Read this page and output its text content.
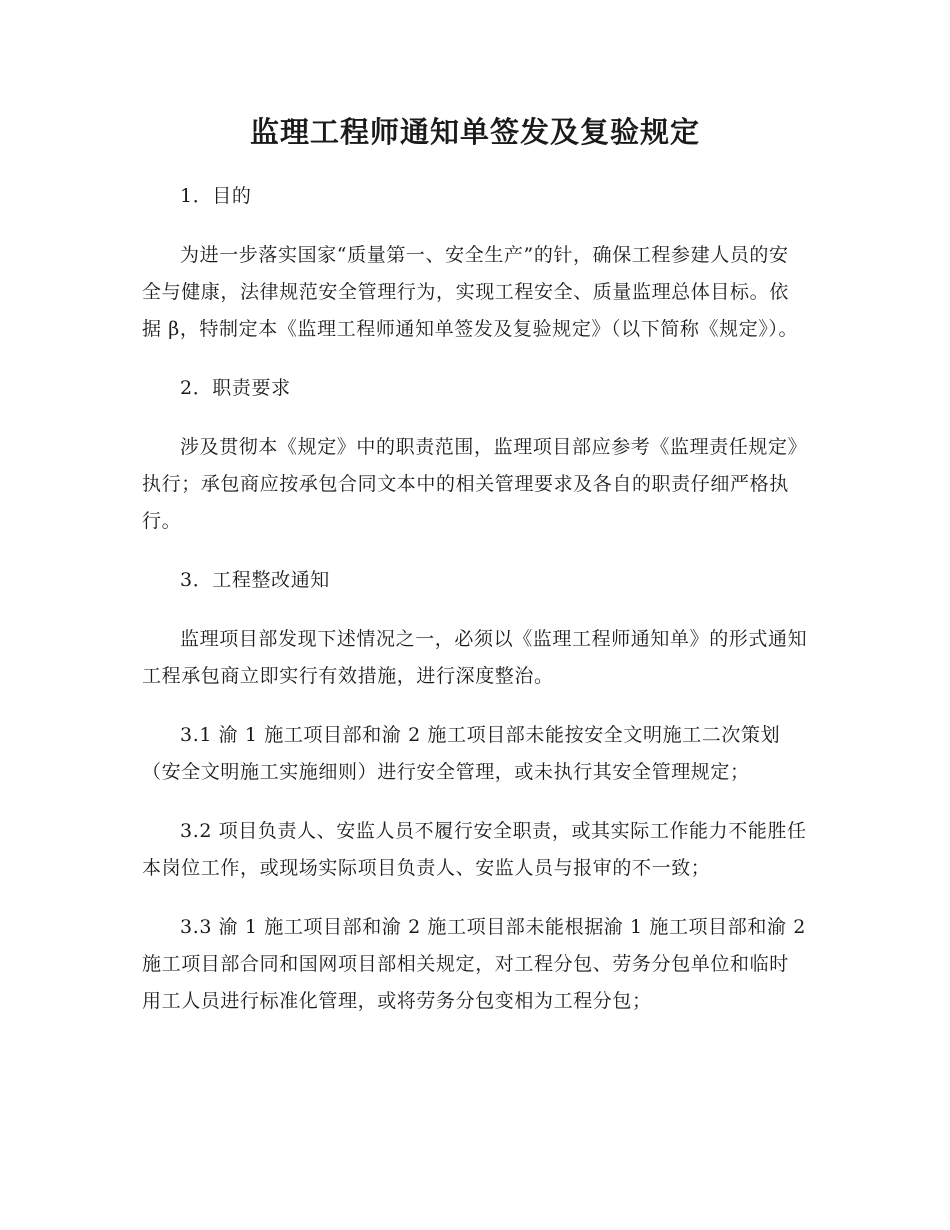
监理工程师通知单签发及复验规定

1．目的

为进一步落实国家“质量第一、安全生产”的针，确保工程参建人员的安全与健康，法律规范安全管理行为，实现工程安全、质量监理总体目标。依据 β，特制定本《监理工程师通知单签发及复验规定》（以下简称《规定》）。

2．职责要求

涉及贯彻本《规定》中的职责范围，监理项目部应参考《监理责任规定》执行；承包商应按承包合同文本中的相关管理要求及各自的职责仔细严格执行。

3．工程整改通知

监理项目部发现下述情况之一，必须以《监理工程师通知单》的形式通知工程承包商立即实行有效措施，进行深度整治。

3.1 渝 1 施工项目部和渝 2 施工项目部未能按安全文明施工二次策划（安全文明施工实施细则）进行安全管理，或未执行其安全管理规定；

3.2 项目负责人、安监人员不履行安全职责，或其实际工作能力不能胜任本岗位工作，或现场实际项目负责人、安监人员与报审的不一致；

3.3 渝 1 施工项目部和渝 2 施工项目部未能根据渝 1 施工项目部和渝 2 施工项目部合同和国网项目部相关规定，对工程分包、劳务分包单位和临时用工人员进行标准化管理，或将劳务分包变相为工程分包；
